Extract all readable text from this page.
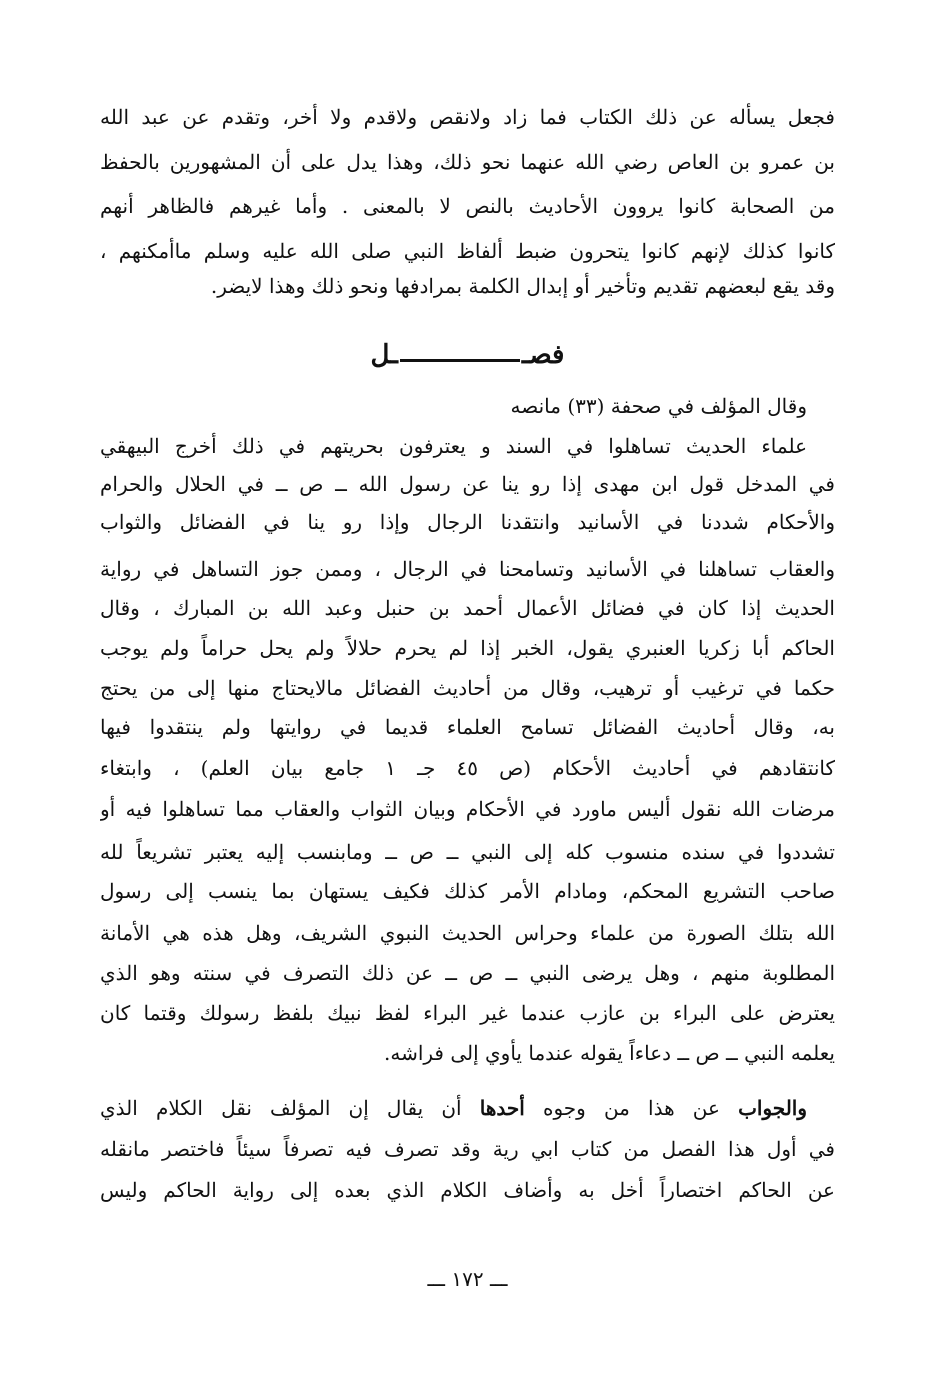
فجعل يسأله عن ذلك الكتاب فما زاد ولانقص ولاقدم ولا أخر، وتقدم عن عبد الله
بن عمرو بن العاص رضي الله عنهما نحو ذلك، وهذا يدل على أن المشهورين بالحفظ
من الصحابة كانوا يروون الأحاديث بالنص لا بالمعنى . وأما غيرهم فالظاهر أنهم
كانوا كذلك لإنهم كانوا يتحرون ضبط ألفاظ النبي صلى الله عليه وسلم ماأمكنهم ،
وقد يقع لبعضهم تقديم وتأخير أو إبدال الكلمة بمرادفها ونحو ذلك وهذا لايضر.
فصــل
وقال المؤلف في صحفة (٣٣) مانصه
علماء الحديث تساهلوا في السند و يعترفون بحريتهم في ذلك أخرج البيهقي
في المدخل قول ابن مهدى إذا رو ينا عن رسول الله ــ ص ــ في الحلال والحرام
والأحكام شددنا في الأسانيد وانتقدنا الرجال وإذا رو ينا في الفضائل والثواب
والعقاب تساهلنا في الأسانيد وتسامحنا في الرجال ، وممن جوز التساهل في رواية
الحديث إذا كان في فضائل الأعمال أحمد بن حنبل وعبد الله بن المبارك ، وقال
الحاكم أبا زكريا العنبري يقول، الخبر إذا لم يحرم حلالاً ولم يحل حراماً ولم يوجب
حكما في ترغيب أو ترهيب، وقال من أحاديث الفضائل مالايحتاج منها إلى من يحتج
به، وقال أحاديث الفضائل تسامح العلماء قديما في روايتها ولم ينتقدوا فيها
كانتقادهم في أحاديث الأحكام (ص ٤٥ جـ ١ جامع بيان العلم) ، وابتغاء
مرضات الله نقول أليس ماورد في الأحكام وبيان الثواب والعقاب مما تساهلوا فيه أو
تشددوا في سنده منسوب كله إلى النبي ــ ص ــ ومابنسب إليه يعتبر تشريعاً لله
صاحب التشريع المحكم، ومادام الأمر كذلك فكيف يستهان بما ينسب إلى رسول
الله بتلك الصورة من علماء وحراس الحديث النبوي الشريف، وهل هذه هي الأمانة
المطلوبة منهم ، وهل يرضى النبي ــ ص ــ عن ذلك التصرف في سنته وهو الذي
يعترض على البراء بن عازب عندما غير البراء لفظ نبيك بلفظ رسولك وقتما كان
يعلمه النبي ــ ص ــ دعاءاً يقوله عندما يأوي إلى فراشه.
والجواب عن هذا من وجوه أحدها أن يقال إن المؤلف نقل الكلام الذي
في أول هذا الفصل من كتاب ابي رية وقد تصرف فيه تصرفاً سيئاً فاختصر مانقله
عن الحاكم اختصاراً أخل به وأضاف الكلام الذي بعده إلى رواية الحاكم وليس
ـــ ١٧٢ ـــ
